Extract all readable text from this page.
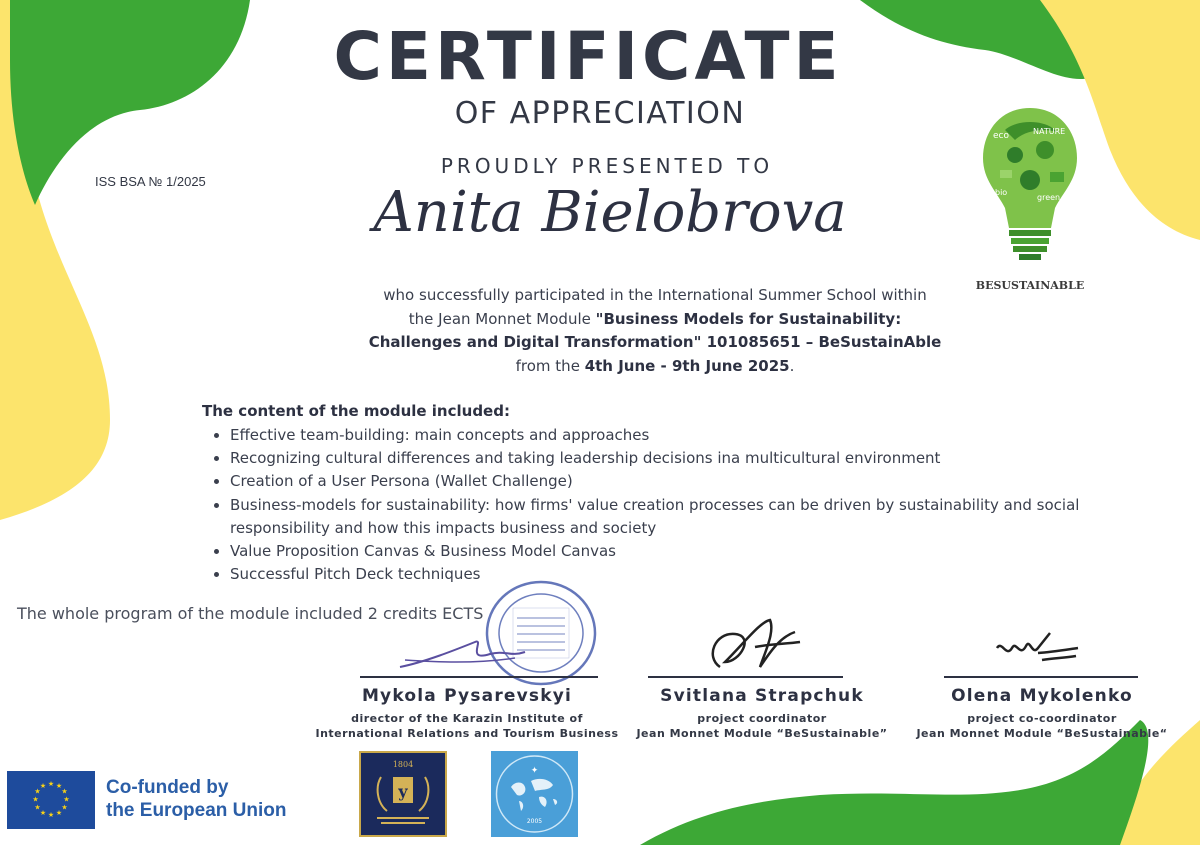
CERTIFICATE
OF APPRECIATION
PROUDLY PRESENTED TO
ISS BSA № 1/2025	Anita Bielobrova
eco	NATURE
bio
green
BESUSTAINABLE
who successfully participated in the International Summer School within
the Jean Monnet Module "Business Models for Sustainability:
Challenges and Digital Transformation" 101085651 – BeSustainAble
from the 4th June - 9th June 2025.
The content of the module included:
• Effective team-building: main concepts and approaches
• Recognizing cultural differences and taking leadership decisions ina multicultural environment
• Creation of a User Persona (Wallet Challenge)
• Business-models for sustainability: how firms' value creation processes can be driven by sustainability and social responsibility and how this impacts business and society
• Value Proposition Canvas & Business Model Canvas
• Successful Pitch Deck techniques
The whole program of the module included 2 credits ECTS
Mykola Pysarevskyi
director of the Karazin Institute of
International Relations and Tourism Business
Svitlana Strapchuk
project coordinator
Jean Monnet Module “BeSustainable”
Olena Mykolenko
project co-coordinator
Jean Monnet Module “BeSustainable“
★ ★
★
★
★
★
★
★
★
★
★
★	Co-funded by
the European Union
1804
у
✦
2005
